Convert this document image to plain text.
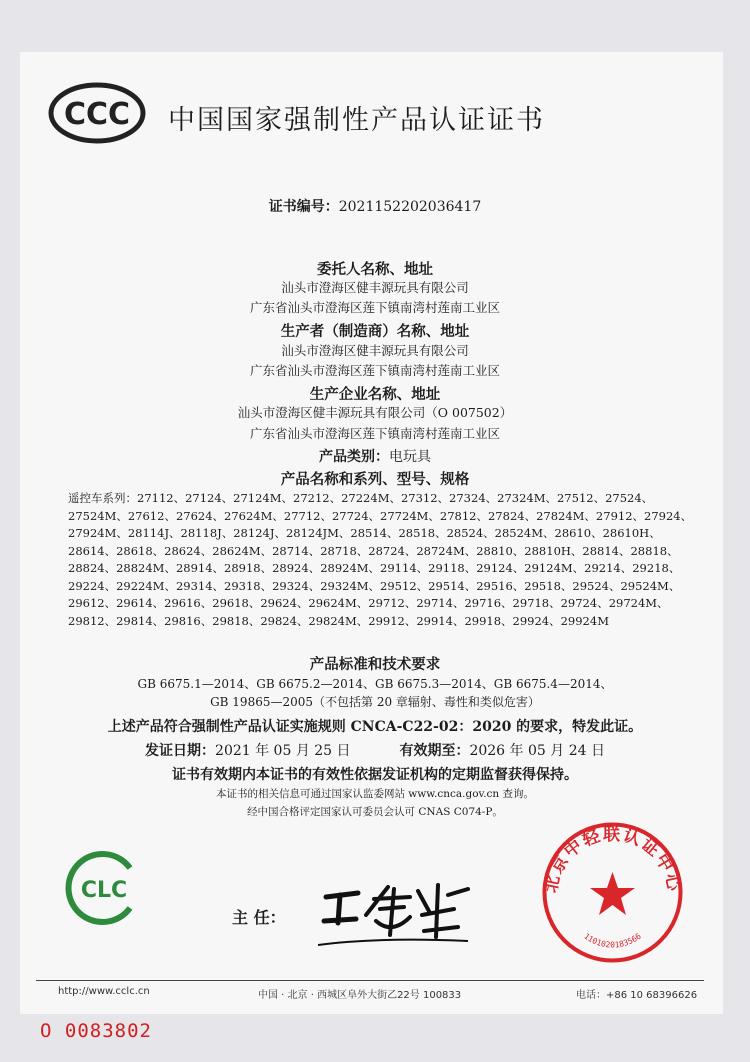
CCC 中国国家强制性产品认证证书
证书编号：2021152202036417
委托人名称、地址
汕头市澄海区健丰源玩具有限公司
广东省汕头市澄海区莲下镇南湾村莲南工业区
生产者（制造商）名称、地址
汕头市澄海区健丰源玩具有限公司
广东省汕头市澄海区莲下镇南湾村莲南工业区
生产企业名称、地址
汕头市澄海区健丰源玩具有限公司（O 007502）
广东省汕头市澄海区莲下镇南湾村莲南工业区
产品类别：电玩具
产品名称和系列、型号、规格
遥控车系列：27112、27124、27124M、27212、27224M、27312、27324、27324M、27512、27524、
27524M、27612、27624、27624M、27712、27724、27724M、27812、27824、27824M、27912、27924、
27924M、28114J、28118J、28124J、28124JM、28514、28518、28524、28524M、28610、28610H、
28614、28618、28624、28624M、28714、28718、28724、28724M、28810、28810H、28814、28818、
28824、28824M、28914、28918、28924、28924M、29114、29118、29124、29124M、29214、29218、
29224、29224M、29314、29318、29324、29324M、29512、29514、29516、29518、29524、29524M、
29612、29614、29616、29618、29624、29624M、29712、29714、29716、29718、29724、29724M、
29812、29814、29816、29818、29824、29824M、29912、29914、29918、29924、29924M
产品标准和技术要求
GB 6675.1—2014、GB 6675.2—2014、GB 6675.3—2014、GB 6675.4—2014、
GB 19865—2005（不包括第 20 章辐射、毒性和类似危害）
上述产品符合强制性产品认证实施规则 CNCA-C22-02：2020 的要求，特发此证。
发证日期：2021 年 05 月 25 日	有效期至：2026 年 05 月 24 日
证书有效期内本证书的有效性依据发证机构的定期监督获得保持。
本证书的相关信息可通过国家认监委网站 www.cnca.gov.cn 查询。
经中国合格评定国家认可委员会认可 CNAS C074-P。
CLC
主 任：
北京中轻联认证中心
1101020183566
http://www.cclc.cn	中国 · 北京 · 西城区阜外大街乙22号 100833	电话：+86 10 68396626
O 0083802
